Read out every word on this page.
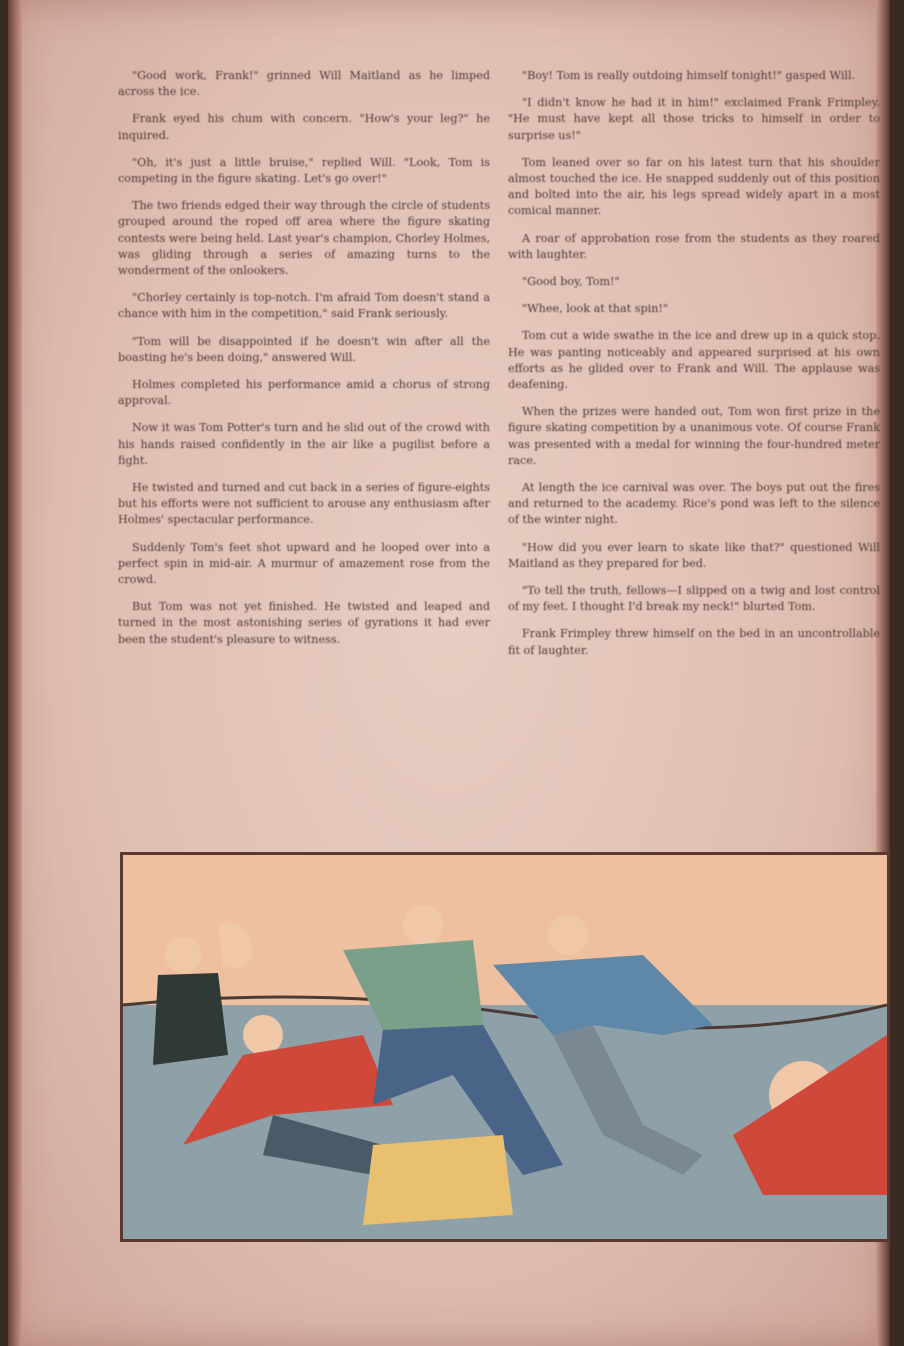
"Good work, Frank!" grinned Will Maitland as he limped across the ice.

Frank eyed his chum with concern. "How's your leg?" he inquired.

"Oh, it's just a little bruise," replied Will. "Look, Tom is competing in the figure skating. Let's go over!"

The two friends edged their way through the circle of students grouped around the roped off area where the figure skating contests were being held. Last year's champion, Chorley Holmes, was gliding through a series of amazing turns to the wonderment of the onlookers.

"Chorley certainly is top-notch. I'm afraid Tom doesn't stand a chance with him in the competition," said Frank seriously.

"Tom will be disappointed if he doesn't win after all the boasting he's been doing," answered Will.

Holmes completed his performance amid a chorus of strong approval.

Now it was Tom Potter's turn and he slid out of the crowd with his hands raised confidently in the air like a pugilist before a fight.

He twisted and turned and cut back in a series of figure-eights but his efforts were not sufficient to arouse any enthusiasm after Holmes' spectacular performance.

Suddenly Tom's feet shot upward and he looped over into a perfect spin in mid-air. A murmur of amazement rose from the crowd.

But Tom was not yet finished. He twisted and leaped and turned in the most astonishing series of gyrations it had ever been the student's pleasure to witness.

"Boy! Tom is really outdoing himself tonight!" gasped Will.

"I didn't know he had it in him!" exclaimed Frank Frimpley. "He must have kept all those tricks to himself in order to surprise us!"

Tom leaned over so far on his latest turn that his shoulder almost touched the ice. He snapped suddenly out of this position and bolted into the air, his legs spread widely apart in a most comical manner.

A roar of approbation rose from the students as they roared with laughter.

"Good boy, Tom!"

"Whee, look at that spin!"

Tom cut a wide swathe in the ice and drew up in a quick stop. He was panting noticeably and appeared surprised at his own efforts as he glided over to Frank and Will. The applause was deafening.

When the prizes were handed out, Tom won first prize in the figure skating competition by a unanimous vote. Of course Frank was presented with a medal for winning the four-hundred meter race.

At length the ice carnival was over. The boys put out the fires and returned to the academy. Rice's pond was left to the silence of the winter night.

"How did you ever learn to skate like that?" questioned Will Maitland as they prepared for bed.

"To tell the truth, fellows—I slipped on a twig and lost control of my feet. I thought I'd break my neck!" blurted Tom.

Frank Frimpley threw himself on the bed in an uncontrollable fit of laughter.
